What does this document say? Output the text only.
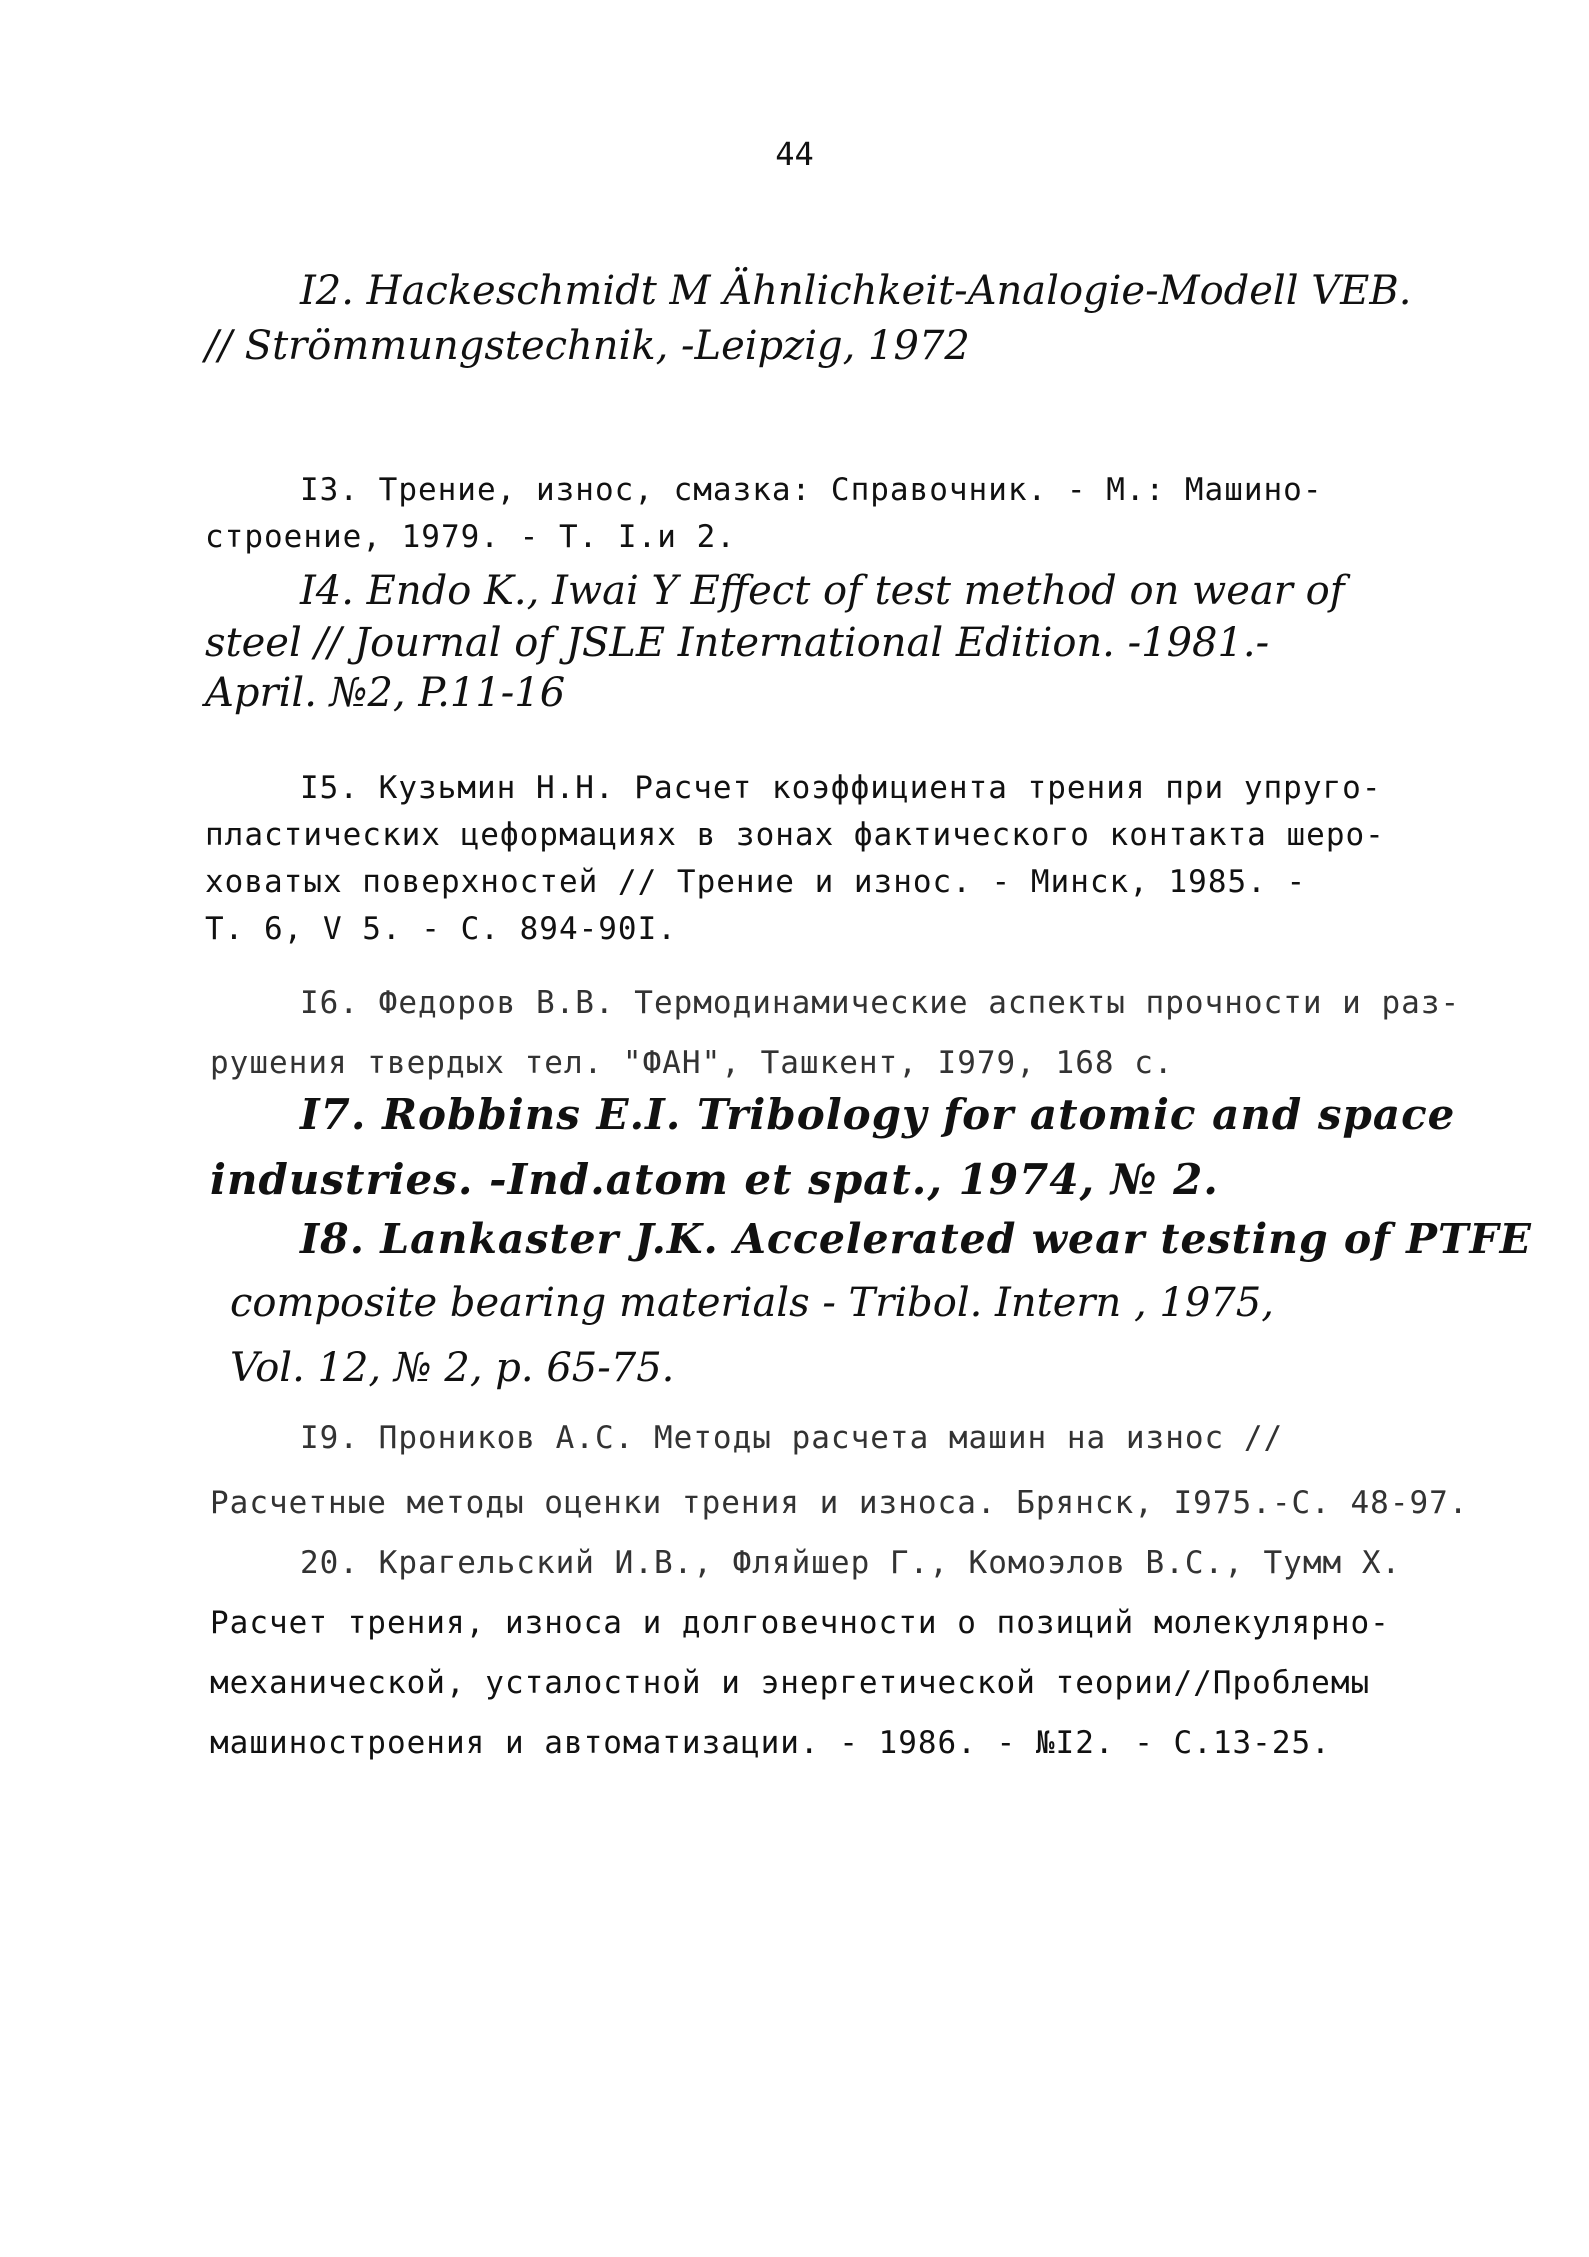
44
I2. Hackeschmidt M Ähnlichkeit-Analogie-Modell VEB.
// Strömmungstechnik, -Leipzig, 1972
I3. Трение, износ, смазка: Справочник. - М.: Машино-
строение, 1979. - Т. I.и 2.
I4. Endo K., Iwai Y Effect of test method on wear of
steel // Journal of JSLE International Edition. -1981.-
April. №2, P.11-16
I5. Кузьмин Н.Н. Расчет коэффициента трения при упруго-
пластических цеформациях в зонах фактического контакта шеро-
ховатых поверхностей // Трение и износ. - Минск, 1985. -
Т. 6, V 5. - С. 894-90I.
I6. Федоров В.В. Термодинамические аспекты прочности и раз-
рушения твердых тел. "ФАН", Ташкент, I979, 168 с.
I7. Robbins E.I. Tribology for atomic and space
industries. -Ind.atom et spat., 1974, № 2.
I8. Lankaster J.K. Accelerated wear testing of PTFE
composite bearing materials - Tribol. Intern , 1975,
Vol. 12, № 2, p. 65-75.
I9. Проников А.С. Методы расчета машин на износ //
Расчетные методы оценки трения и износа. Брянск, I975.-С. 48-97.
20. Крагельский И.В., Фляйшер Г., Комоэлов В.С., Тумм Х.
Расчет трения, износа и долговечности о позиций молекулярно-
механической, усталостной и энергетической теории//Проблемы
машиностроения и автоматизации. - 1986. - №I2. - С.13-25.
